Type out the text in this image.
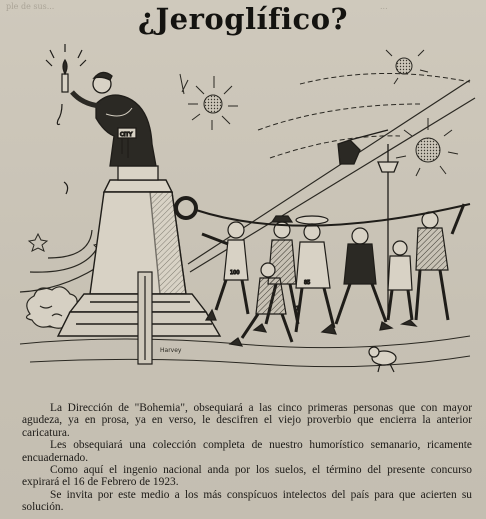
ple de sus...	...
¿Jeroglífico?
Harvey
CITY
100
85
1

La Dirección de "Bohemia", obsequiará a las cinco primeras personas que con mayor agudeza, ya en prosa, ya en verso, le descifren el viejo proverbio que encierra la anterior caricatura.

Les obsequiará una colección completa de nuestro humorístico semanario, ricamente encuadernado.

Como aquí el ingenio nacional anda por los suelos, el término del presente concurso expirará el 16 de Febrero de 1923.

Se invita por este medio a los más conspícuos intelectos del país para que acierten su solución.
